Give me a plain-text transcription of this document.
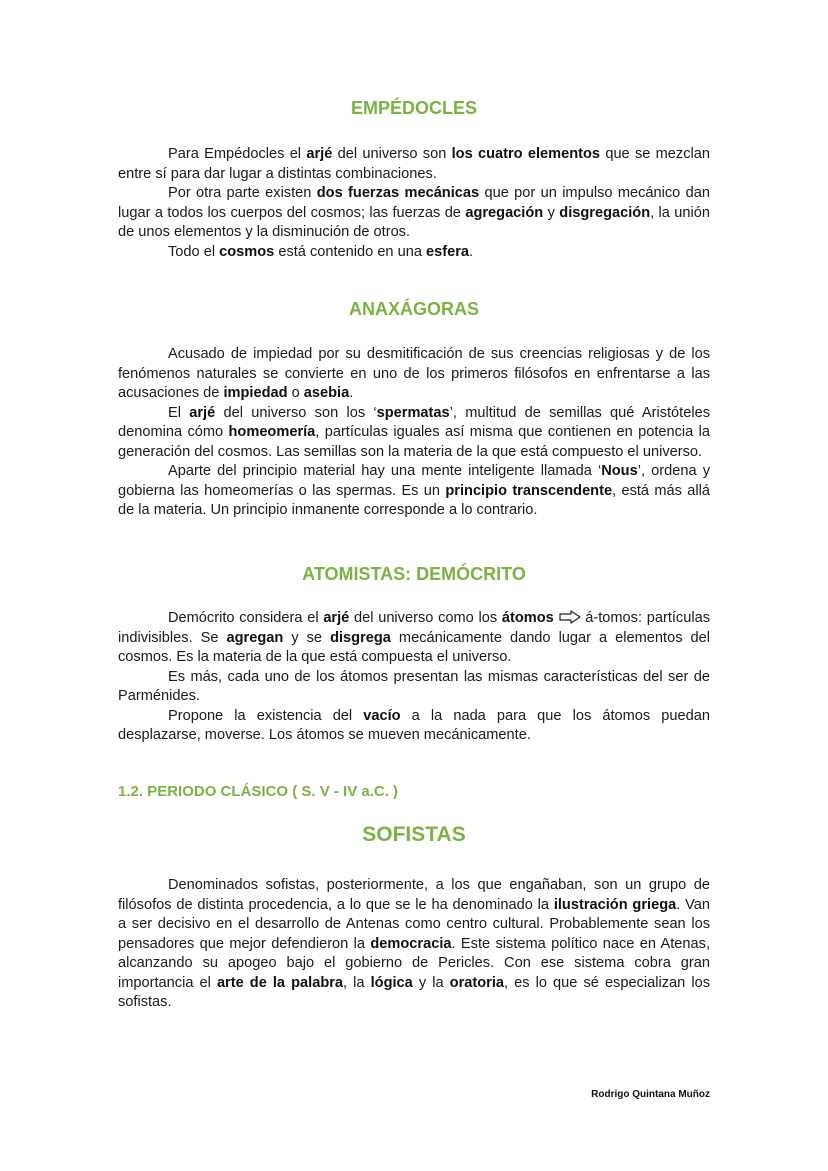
EMPÉDOCLES

Para Empédocles el arjé del universo son los cuatro elementos que se mezclan entre sí para dar lugar a distintas combinaciones.

Por otra parte existen dos fuerzas mecánicas que por un impulso mecánico dan lugar a todos los cuerpos del cosmos; las fuerzas de agregación y disgregación, la unión de unos elementos y la disminución de otros.

Todo el cosmos está contenido en una esfera.

ANAXÁGORAS

Acusado de impiedad por su desmitificación de sus creencias religiosas y de los fenómenos naturales se convierte en uno de los primeros filósofos en enfrentarse a las acusaciones de impiedad o asebia.

El arjé del universo son los ‘spermatas’, multitud de semillas qué Aristóteles denomina cómo homeomería, partículas iguales así misma que contienen en potencia la generación del cosmos. Las semillas son la materia de la que está compuesto el universo.

Aparte del principio material hay una mente inteligente llamada ‘Nous’, ordena y gobierna las homeomerías o las spermas. Es un principio transcendente, está más allá de la materia. Un principio inmanente corresponde a lo contrario.

ATOMISTAS: DEMÓCRITO

Demócrito considera el arjé del universo como los átomos  á-tomos: partículas indivisibles. Se agregan y se disgrega mecánicamente dando lugar a elementos del cosmos. Es la materia de la que está compuesta el universo.

Es más, cada uno de los átomos presentan las mismas características del ser de Parménides.

Propone la existencia del vacío a la nada para que los átomos puedan desplazarse, moverse. Los átomos se mueven mecánicamente.

1.2. PERIODO CLÁSICO ( S. V - IV a.C. )
SOFISTAS

Denominados sofistas, posteriormente, a los que engañaban, son un grupo de filósofos de distinta procedencia, a lo que se le ha denominado la ilustración griega. Van a ser decisivo en el desarrollo de Antenas como centro cultural. Probablemente sean los pensadores que mejor defendieron la democracia. Este sistema político nace en Atenas, alcanzando su apogeo bajo el gobierno de Pericles. Con ese sistema cobra gran importancia el arte de la palabra, la lógica y la oratoria, es lo que sé especializan los sofistas.

Rodrigo Quintana Muñoz
